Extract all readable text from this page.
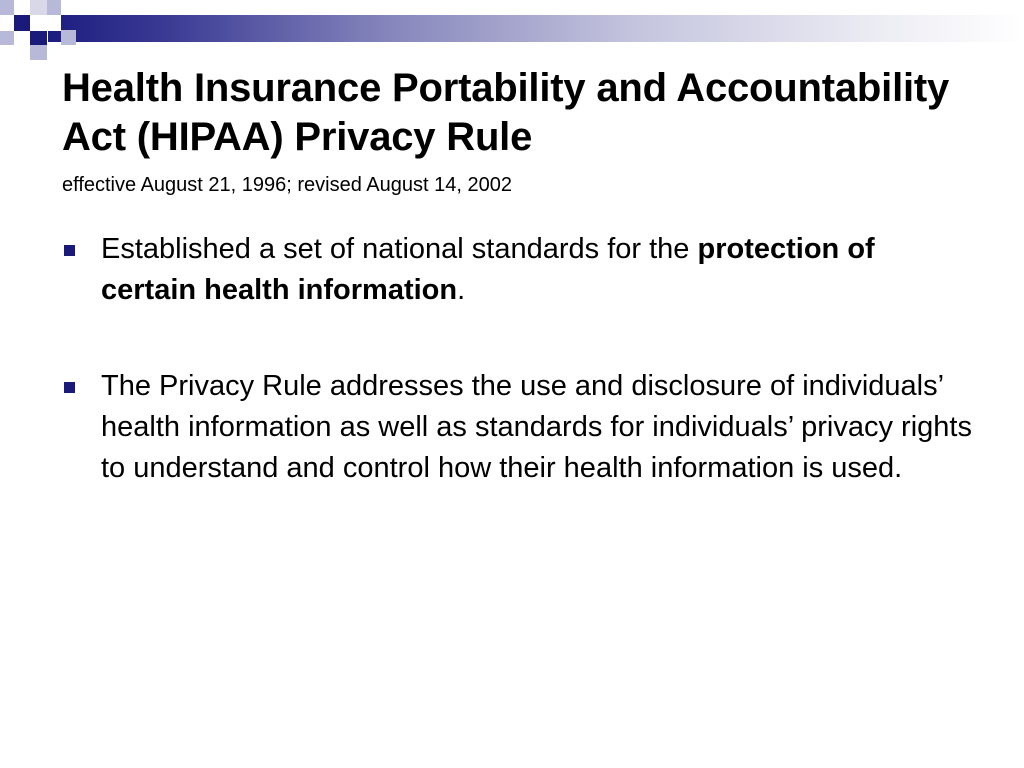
Health Insurance Portability and Accountability Act (HIPAA) Privacy Rule

effective August 21, 1996; revised August 14, 2002

Established a set of national standards for the protection of certain health information.
The Privacy Rule addresses the use and disclosure of individuals’ health information as well as standards for individuals’ privacy rights to understand and control how their health information is used.
